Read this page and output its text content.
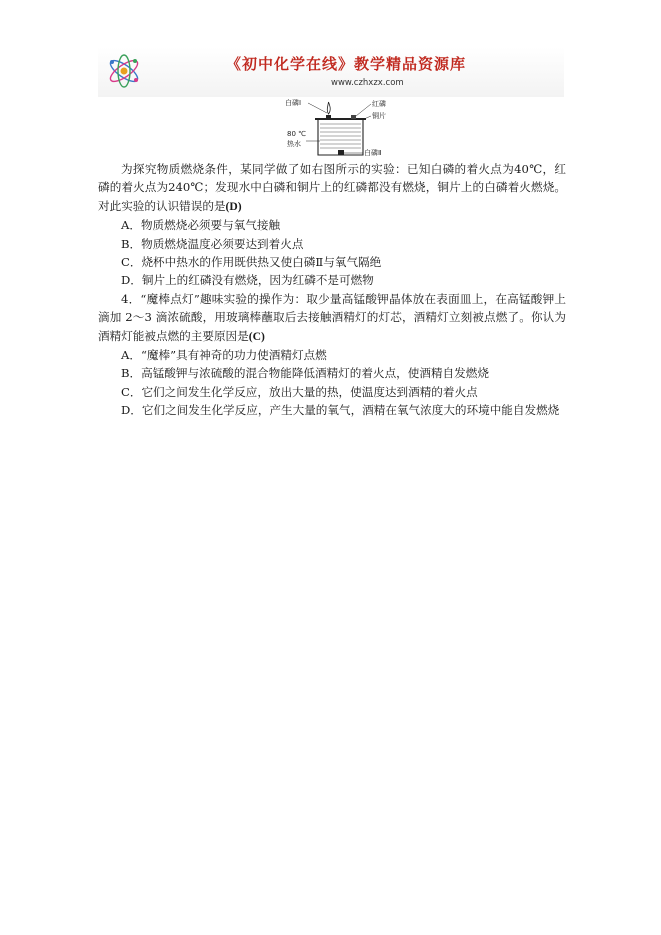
《初中化学在线》教学精品资源库
www.czhxzx.com
白磷Ⅰ	红磷
铜片
80 ℃
热水
白磷Ⅱ

为探究物质燃烧条件，某同学做了如右图所示的实验：已知白磷的着火点为40℃，红磷的着火点为240℃；发现水中白磷和铜片上的红磷都没有燃烧，铜片上的白磷着火燃烧。对此实验的认识错误的是(D)

A．物质燃烧必须要与氧气接触

B．物质燃烧温度必须要达到着火点

C．烧杯中热水的作用既供热又使白磷Ⅱ与氧气隔绝

D．铜片上的红磷没有燃烧，因为红磷不是可燃物

4．“魔棒点灯”趣味实验的操作为：取少量高锰酸钾晶体放在表面皿上，在高锰酸钾上滴加 2～3 滴浓硫酸，用玻璃棒蘸取后去接触酒精灯的灯芯，酒精灯立刻被点燃了。你认为酒精灯能被点燃的主要原因是(C)

A．“魔棒”具有神奇的功力使酒精灯点燃

B．高锰酸钾与浓硫酸的混合物能降低酒精灯的着火点，使酒精自发燃烧

C．它们之间发生化学反应，放出大量的热，使温度达到酒精的着火点

D．它们之间发生化学反应，产生大量的氧气，酒精在氧气浓度大的环境中能自发燃烧
